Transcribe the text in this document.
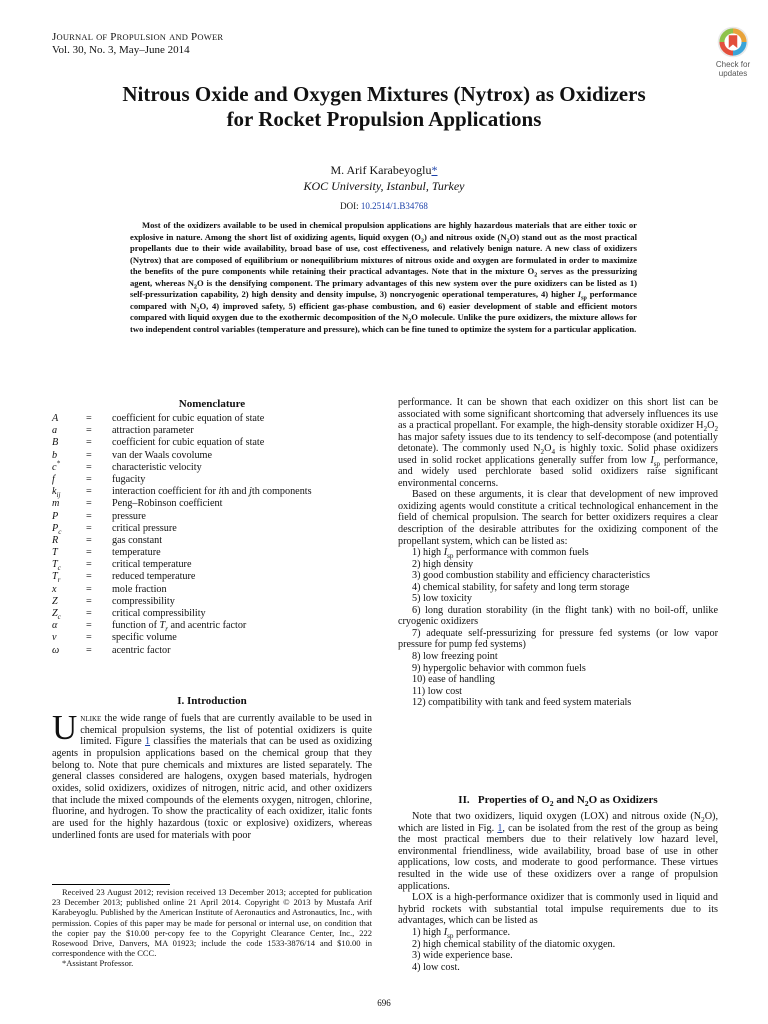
JOURNAL OF PROPULSION AND POWER
Vol. 30, No. 3, May–June 2014
Check for
updates
Nitrous Oxide and Oxygen Mixtures (Nytrox) as Oxidizers
for Rocket Propulsion Applications
M. Arif Karabeyoglu*
KOC University, Istanbul, Turkey
DOI: 10.2514/1.B34768
Most of the oxidizers available to be used in chemical propulsion applications are highly hazardous materials that are either toxic or explosive in nature. Among the short list of oxidizing agents, liquid oxygen $(O_2)$ and nitrous oxide $(N_2O)$ stand out as the most practical propellants due to their wide availability, broad base of use, cost effectiveness, and relatively benign nature. A new class of oxidizers (Nytrox) that are composed of equilibrium or nonequilibrium mixtures of nitrous oxide and oxygen are formulated in order to maximize the benefits of the pure components while retaining their practical advantages. Note that in the mixture $O_2$ serves as the pressurizing agent, whereas $N_2O$ is the densifying component. The primary advantages of this new system over the pure oxidizers can be listed as 1) self-pressurization capability, 2) high density and density impulse, 3) noncryogenic operational temperatures, 4) higher $I_{sp}$ performance compared with $N_2O$, 4) improved safety, 5) efficient gas-phase combustion, and 6) easier development of stable and efficient motors compared with liquid oxygen due to the exothermic decomposition of the $N_2O$ molecule. Unlike the pure oxidizers, the mixture allows for two independent control variables (temperature and pressure), which can be fine tuned to optimize the system for a particular application.
Nomenclature
A	=	coefficient for cubic equation of state
a	=	attraction parameter
B	=	coefficient for cubic equation of state
b	=	van der Waals covolume
c*	=	characteristic velocity
f	=	fugacity
$k_{ij}$	=	interaction coefficient for ith and jth components
m	=	Peng–Robinson coefficient
P	=	pressure
$P_c$	=	critical pressure
R	=	gas constant
T	=	temperature
$T_c$	=	critical temperature
$T_r$	=	reduced temperature
x	=	mole fraction
Z	=	compressibility
$Z_c$	=	critical compressibility
α	=	function of $T_r$ and acentric factor
v	=	specific volume
ω	=	acentric factor
I. Introduction
Unlike the wide range of fuels that are currently available to be used in chemical propulsion systems, the list of potential oxidizers is quite limited. Figure 1 classifies the materials that can be used as oxidizing agents in propulsion applications based on the chemical group that they belong to. Note that pure chemicals and mixtures are listed separately. The general classes considered are halogens, oxygen based materials, hydrogen oxides, solid oxidizers, oxidizes of nitrogen, nitric acid, and other oxidizers that include the mixed compounds of the elements oxygen, nitrogen, chlorine, fluorine, and hydrogen. To show the practicality of each oxidizer, italic fonts are used for the highly hazardous (toxic or explosive) oxidizers, whereas underlined fonts are used for materials with poor
Received 23 August 2012; revision received 13 December 2013; accepted for publication 23 December 2013; published online 21 April 2014. Copyright © 2013 by Mustafa Arif Karabeyoglu. Published by the American Institute of Aeronautics and Astronautics, Inc., with permission. Copies of this paper may be made for personal or internal use, on condition that the copier pay the $10.00 per-copy fee to the Copyright Clearance Center, Inc., 222 Rosewood Drive, Danvers, MA 01923; include the code 1533-3876/14 and $10.00 in correspondence with the CCC.
*Assistant Professor.

performance. It can be shown that each oxidizer on this short list can be associated with some significant shortcoming that adversely influences its use as a practical propellant. For example, the high-density storable oxidizer $H_2O_2$ has major safety issues due to its tendency to self-decompose (and potentially detonate). The commonly used $N_2O_4$ is highly toxic. Solid phase oxidizers used in solid rocket applications generally suffer from low $I_{sp}$ performance, and widely used perchlorate based solid oxidizers raise significant environmental concerns.

Based on these arguments, it is clear that development of new improved oxidizing agents would constitute a critical technological enhancement in the field of chemical propulsion. The search for better oxidizers requires a clear description of the desirable attributes for the oxidizing component of the propellant system, which can be listed as:

1) high $I_{sp}$ performance with common fuels

2) high density

3) good combustion stability and efficiency characteristics

4) chemical stability, for safety and long term storage

5) low toxicity

6) long duration storability (in the flight tank) with no boil-off, unlike cryogenic oxidizers

7) adequate self-pressurizing for pressure fed systems (or low vapor pressure for pump fed systems)

8) low freezing point

9) hypergolic behavior with common fuels

10) ease of handling

11) low cost

12) compatibility with tank and feed system materials

II.   Properties of $O_2$ and $N_2O$ as Oxidizers

Note that two oxidizers, liquid oxygen (LOX) and nitrous oxide $(N_2O)$, which are listed in Fig. 1, can be isolated from the rest of the group as being the most practical members due to their relatively low hazard level, environmental friendliness, wide availability, broad base of use in other applications, low costs, and moderate to good performance. These virtues resulted in the wide use of these oxidizers over a range of propulsion applications.

LOX is a high-performance oxidizer that is commonly used in liquid and hybrid rockets with substantial total impulse requirements due to its advantages, which can be listed as

1) high $I_{sp}$ performance.

2) high chemical stability of the diatomic oxygen.

3) wide experience base.

4) low cost.

696
